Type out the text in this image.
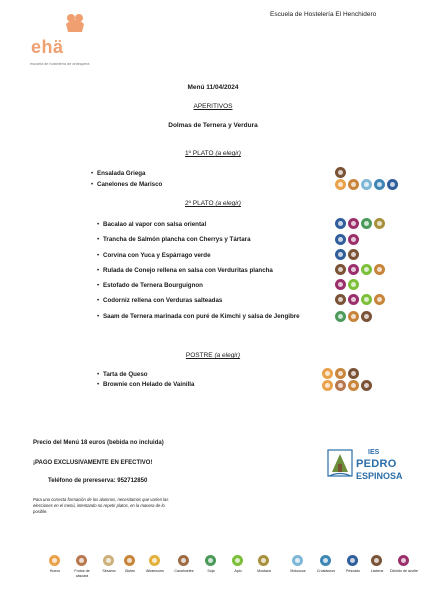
Escuela de Hostelería El Henchidero
ehä
escuela de hostelería de antequera
Menú 11/04/2024
APERITIVOS
Dolmas de Ternera y Verdura
1º PLATO (a elegir)
• Ensalada Griega
• Canelones de Marisco
2º PLATO (a elegir)
• Bacalao al vapor con salsa oriental
• Trancha de Salmón plancha con Cherrys y Tártara
• Corvina con Yuca y Espárrago verde
• Rulada de Conejo rellena en salsa con Verduritas plancha
• Estofado de Ternera Bourguignon
• Codorniz rellena con Verduras salteadas
• Saam de Ternera marinada con puré de Kimchi y salsa de Jengibre
POSTRE (a elegir)
• Tarta de Queso
• Brownie con Helado de Vainilla
Precio del Menú 18 euros (bebida no incluida)
¡PAGO EXCLUSIVAMENTE EN EFECTIVO!
Teléfono de prereserva: 952712850
Para una correcta formación de los alumnos, necesitamos que varíen las elecciones en el menú, intentando no repetir platos, en la manera de lo posible.
IES
PEDRO
ESPINOSA
Huevo	Frutos de cáscara
Sésamo	Gluten	Altramuces	Cacahuetes	Soja	Apio	Mostaza	Moluscos	Crustáceos	Pescado	Lácteos	Dióxido de azufre
